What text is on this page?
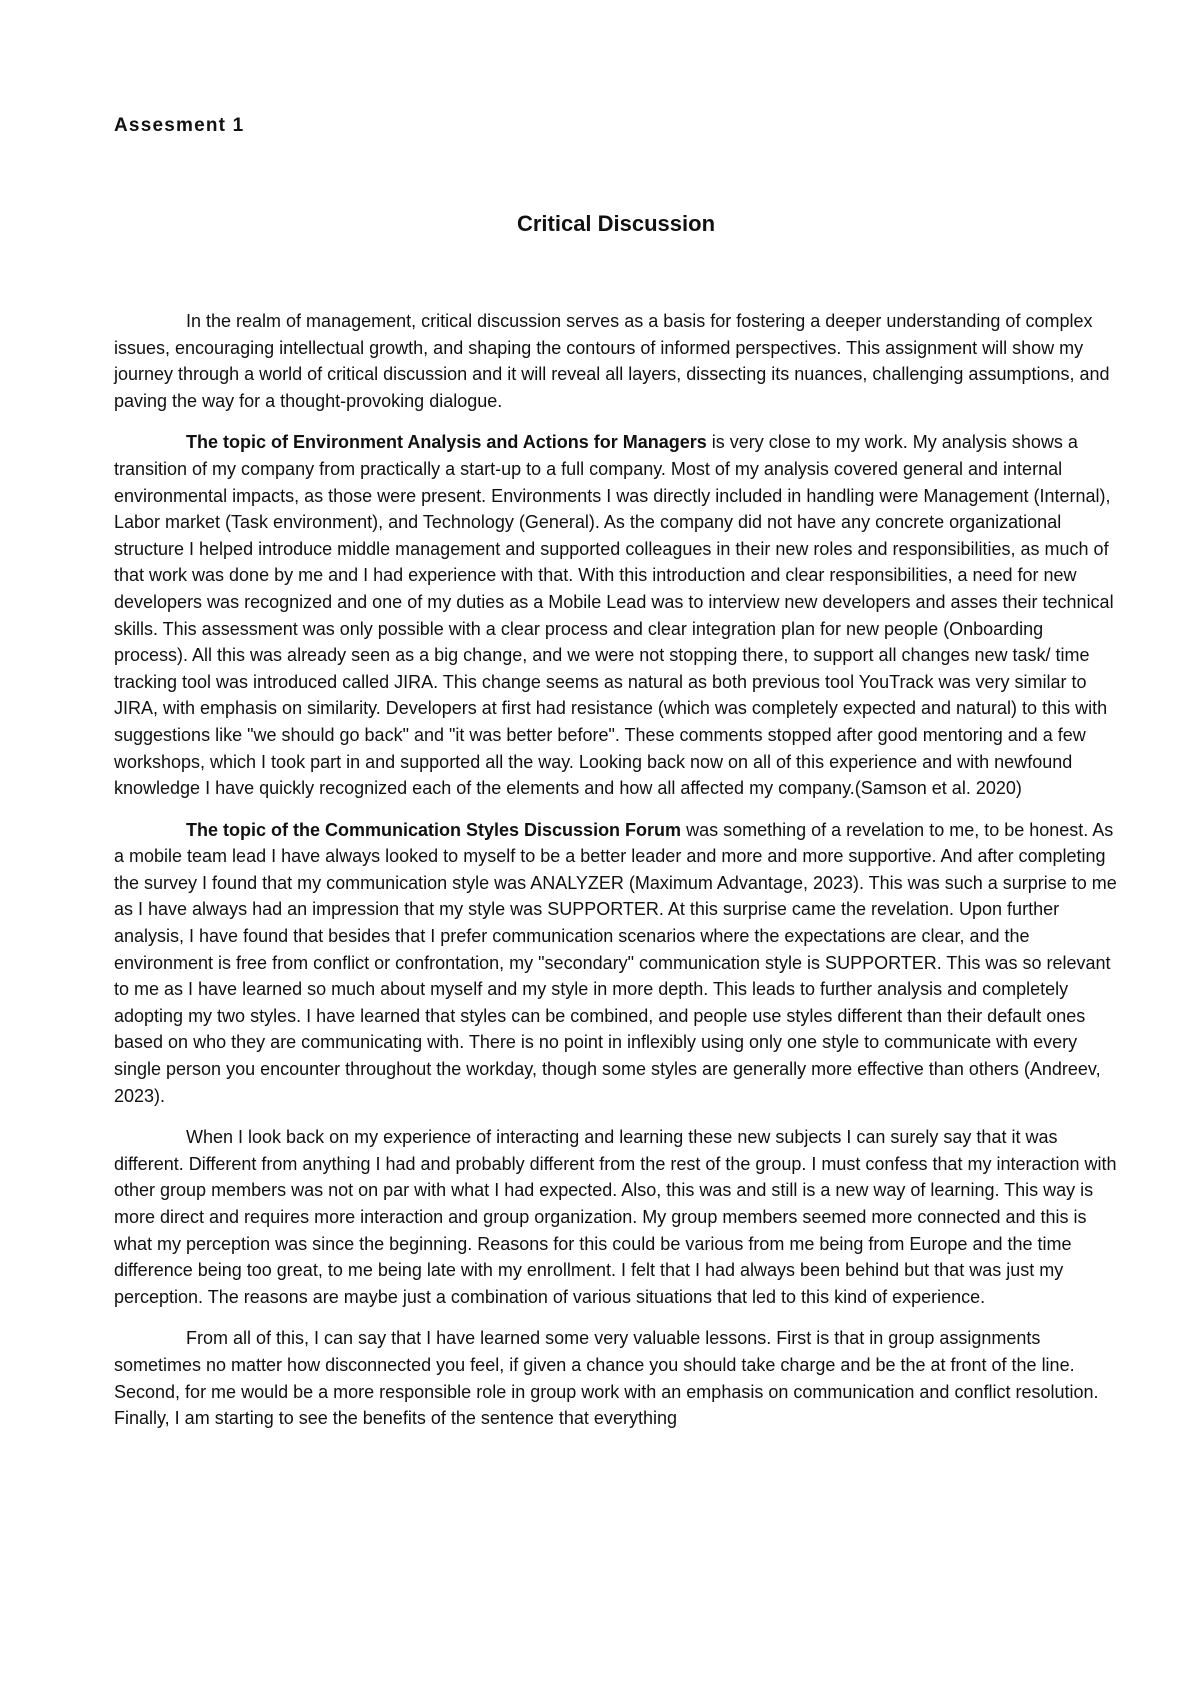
Assesment 1

Critical Discussion

In the realm of management, critical discussion serves as a basis for fostering a deeper understanding of complex issues, encouraging intellectual growth, and shaping the contours of informed perspectives. This assignment will show my journey through a world of critical discussion and it will reveal all layers, dissecting its nuances, challenging assumptions, and paving the way for a thought-provoking dialogue.

The topic of Environment Analysis and Actions for Managers is very close to my work. My analysis shows a transition of my company from practically a start-up to a full company. Most of my analysis covered general and internal environmental impacts, as those were present. Environments I was directly included in handling were Management (Internal), Labor market (Task environment), and Technology (General). As the company did not have any concrete organizational structure I helped introduce middle management and supported colleagues in their new roles and responsibilities, as much of that work was done by me and I had experience with that. With this introduction and clear responsibilities, a need for new developers was recognized and one of my duties as a Mobile Lead was to interview new developers and asses their technical skills. This assessment was only possible with a clear process and clear integration plan for new people (Onboarding process). All this was already seen as a big change, and we were not stopping there, to support all changes new task/ time tracking tool was introduced called JIRA. This change seems as natural as both previous tool YouTrack was very similar to JIRA, with emphasis on similarity. Developers at first had resistance (which was completely expected and natural) to this with suggestions like "we should go back" and "it was better before". These comments stopped after good mentoring and a few workshops, which I took part in and supported all the way. Looking back now on all of this experience and with newfound knowledge I have quickly recognized each of the elements and how all affected my company.(Samson et al. 2020)

The topic of the Communication Styles Discussion Forum was something of a revelation to me, to be honest. As a mobile team lead I have always looked to myself to be a better leader and more and more supportive. And after completing the survey I found that my communication style was ANALYZER (Maximum Advantage, 2023). This was such a surprise to me as I have always had an impression that my style was SUPPORTER. At this surprise came the revelation. Upon further analysis, I have found that besides that I prefer communication scenarios where the expectations are clear, and the environment is free from conflict or confrontation, my "secondary" communication style is SUPPORTER. This was so relevant to me as I have learned so much about myself and my style in more depth. This leads to further analysis and completely adopting my two styles. I have learned that styles can be combined, and people use styles different than their default ones based on who they are communicating with. There is no point in inflexibly using only one style to communicate with every single person you encounter throughout the workday, though some styles are generally more effective than others (Andreev, 2023).

When I look back on my experience of interacting and learning these new subjects I can surely say that it was different. Different from anything I had and probably different from the rest of the group. I must confess that my interaction with other group members was not on par with what I had expected. Also, this was and still is a new way of learning. This way is more direct and requires more interaction and group organization. My group members seemed more connected and this is what my perception was since the beginning. Reasons for this could be various from me being from Europe and the time difference being too great, to me being late with my enrollment. I felt that I had always been behind but that was just my perception. The reasons are maybe just a combination of various situations that led to this kind of experience.

From all of this, I can say that I have learned some very valuable lessons. First is that in group assignments sometimes no matter how disconnected you feel, if given a chance you should take charge and be the at front of the line. Second, for me would be a more responsible role in group work with an emphasis on communication and conflict resolution. Finally, I am starting to see the benefits of the sentence that everything
